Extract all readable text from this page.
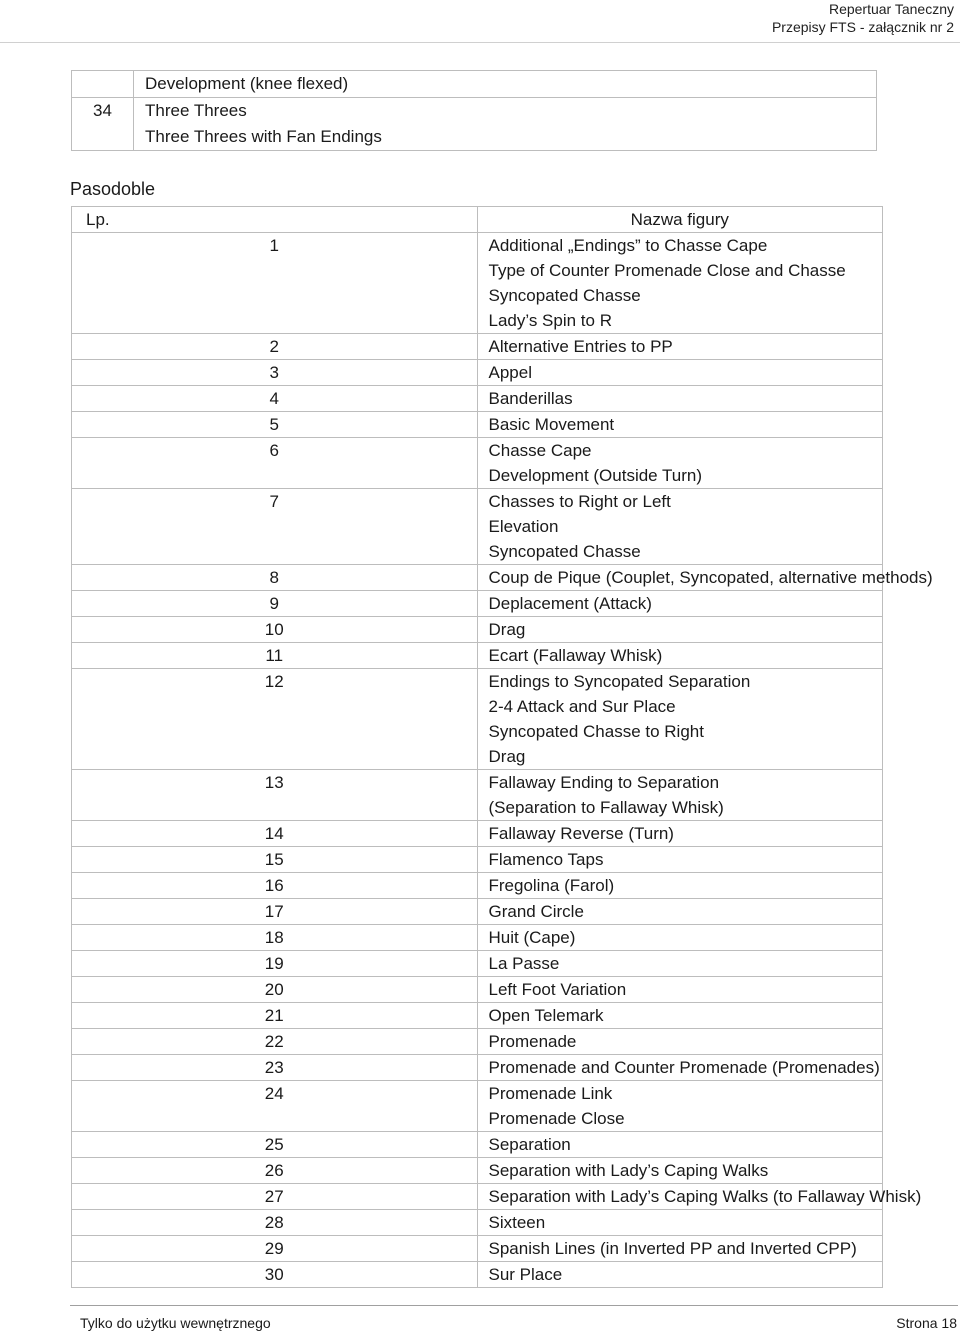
Repertuar Taneczny
Przepisy FTS - załącznik nr 2

	Development (knee flexed)

34	Three Threes
Three Threes with Fan Endings
Pasodoble
Lp.	Nazwa figury

1	Additional „Endings” to Chasse Cape
Type of Counter Promenade Close and Chasse
Syncopated Chasse
Lady’s Spin to R

2	Alternative Entries to PP

3	Appel

4	Banderillas

5	Basic Movement

6	Chasse Cape
Development (Outside Turn)

7	Chasses to Right or Left
Elevation
Syncopated Chasse

8	Coup de Pique (Couplet, Syncopated, alternative methods)

9	Deplacement (Attack)

10	Drag

11	Ecart (Fallaway Whisk)

12	Endings to Syncopated Separation
2-4 Attack and Sur Place
Syncopated Chasse to Right
Drag

13	Fallaway Ending to Separation
(Separation to Fallaway Whisk)

14	Fallaway Reverse (Turn)

15	Flamenco Taps

16	Fregolina (Farol)

17	Grand Circle

18	Huit (Cape)

19	La Passe

20	Left Foot Variation

21	Open Telemark

22	Promenade

23	Promenade and Counter Promenade (Promenades)

24	Promenade Link
Promenade Close

25	Separation

26	Separation with Lady’s Caping Walks

27	Separation with Lady’s Caping Walks (to Fallaway Whisk)

28	Sixteen

29	Spanish Lines (in Inverted PP and Inverted CPP)

30	Sur Place
Tylko do użytku wewnętrznego	Strona 18
